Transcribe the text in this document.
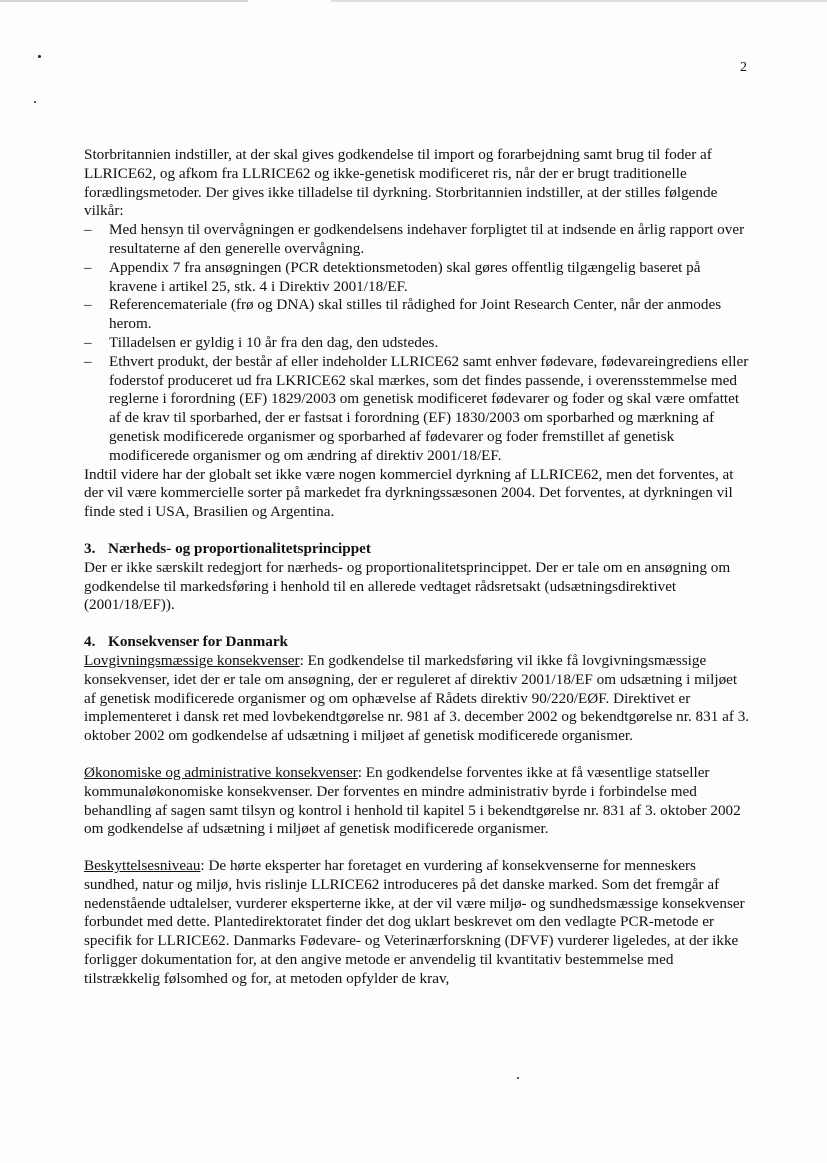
2

Storbritannien indstiller, at der skal gives godkendelse til import og forarbejdning samt brug til foder af LLRICE62, og afkom fra LLRICE62 og ikke-genetisk modificeret ris, når der er brugt traditionelle forædlingsmetoder. Der gives ikke tilladelse til dyrkning. Storbritannien indstiller, at der stilles følgende vilkår:

– Med hensyn til overvågningen er godkendelsens indehaver forpligtet til at indsende en årlig rapport over resultaterne af den generelle overvågning.
– Appendix 7 fra ansøgningen (PCR detektionsmetoden) skal gøres offentlig tilgængelig baseret på kravene i artikel 25, stk. 4 i Direktiv 2001/18/EF.
– Referencemateriale (frø og DNA) skal stilles til rådighed for Joint Research Center, når der anmodes herom.
– Tilladelsen er gyldig i 10 år fra den dag, den udstedes.
– Ethvert produkt, der består af eller indeholder LLRICE62 samt enhver fødevare, fødevareingrediens eller foderstof produceret ud fra LKRICE62 skal mærkes, som det findes passende, i overensstemmelse med reglerne i forordning (EF) 1829/2003 om genetisk modificeret fødevarer og foder og skal være omfattet af de krav til sporbarhed, der er fastsat i forordning (EF) 1830/2003 om sporbarhed og mærkning af genetisk modificerede organismer og sporbarhed af fødevarer og foder fremstillet af genetisk modificerede organismer og om ændring af direktiv 2001/18/EF.

Indtil videre har der globalt set ikke være nogen kommerciel dyrkning af LLRICE62, men det forventes, at der vil være kommercielle sorter på markedet fra dyrkningssæsonen 2004. Det forventes, at dyrkningen vil finde sted i USA, Brasilien og Argentina.

3. Nærheds- og proportionalitetsprincippet

Der er ikke særskilt redegjort for nærheds- og proportionalitetsprincippet. Der er tale om en ansøgning om godkendelse til markedsføring i henhold til en allerede vedtaget rådsretsakt (udsætningsdirektivet (2001/18/EF)).

4. Konsekvenser for Danmark

Lovgivningsmæssige konsekvenser: En godkendelse til markedsføring vil ikke få lovgivningsmæssige konsekvenser, idet der er tale om ansøgning, der er reguleret af direktiv 2001/18/EF om udsætning i miljøet af genetisk modificerede organismer og om ophævelse af Rådets direktiv 90/220/EØF. Direktivet er implementeret i dansk ret med lovbekendtgørelse nr. 981 af 3. december 2002 og bekendtgørelse nr. 831 af 3. oktober 2002 om godkendelse af udsætning i miljøet af genetisk modificerede organismer.

Økonomiske og administrative konsekvenser: En godkendelse forventes ikke at få væsentlige statseller kommunaløkonomiske konsekvenser. Der forventes en mindre administrativ byrde i forbindelse med behandling af sagen samt tilsyn og kontrol i henhold til kapitel 5 i bekendtgørelse nr. 831 af 3. oktober 2002 om godkendelse af udsætning i miljøet af genetisk modificerede organismer.

Beskyttelsesniveau: De hørte eksperter har foretaget en vurdering af konsekvenserne for menneskers sundhed, natur og miljø, hvis rislinje LLRICE62 introduceres på det danske marked. Som det fremgår af nedenstående udtalelser, vurderer eksperterne ikke, at der vil være miljø- og sundhedsmæssige konsekvenser forbundet med dette. Plantedirektoratet finder det dog uklart beskrevet om den vedlagte PCR-metode er specifik for LLRICE62. Danmarks Fødevare- og Veterinærforskning (DFVF) vurderer ligeledes, at der ikke forligger dokumentation for, at den angive metode er anvendelig til kvantitativ bestemmelse med tilstrækkelig følsomhed og for, at metoden opfylder de krav,
